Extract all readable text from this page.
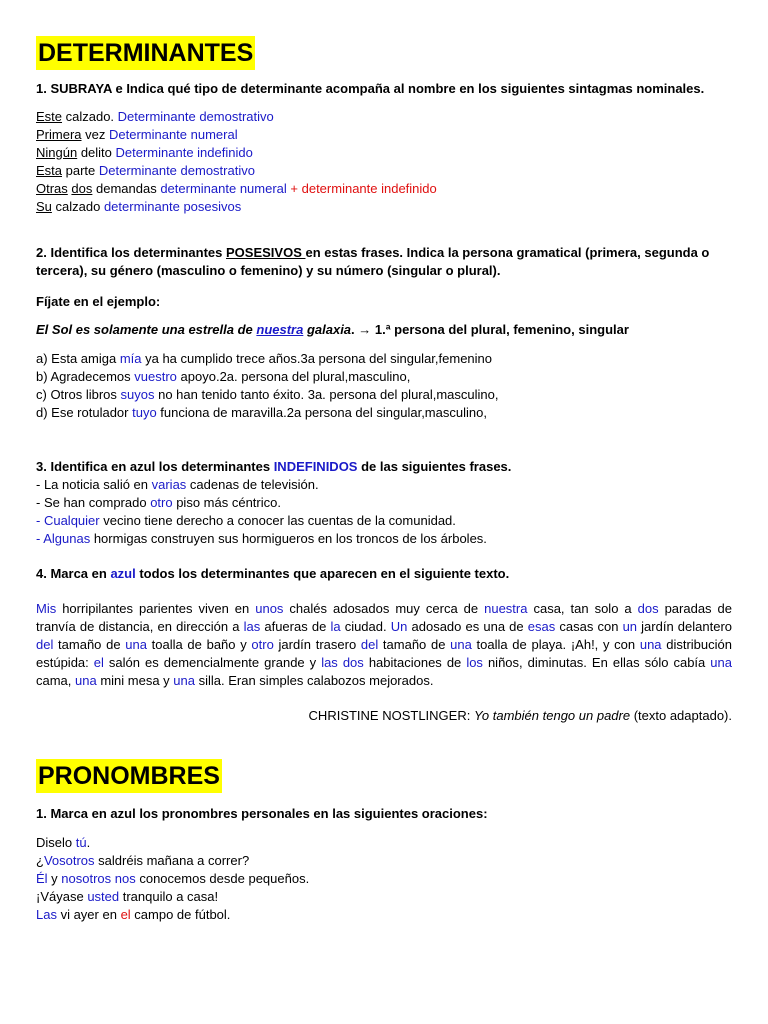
DETERMINANTES
1. SUBRAYA e Indica qué tipo de determinante acompaña al nombre en los siguientes sintagmas nominales.

Este calzado. Determinante demostrativo

Primera vez Determinante numeral

Ningún delito Determinante indefinido

Esta parte Determinante demostrativo

Otras dos demandas determinante numeral + determinante indefinido

Su calzado determinante posesivos

2. Identifica los determinantes POSESIVOS en estas frases. Indica la persona gramatical (primera, segunda o tercera), su género (masculino o femenino) y su número (singular o plural).
Fíjate en el ejemplo:
El Sol es solamente una estrella de nuestra galaxia. → 1.ª persona del plural, femenino, singular

a) Esta amiga mía ya ha cumplido trece años.3a persona del singular,femenino

b) Agradecemos vuestro apoyo.2a. persona del plural,masculino,

c) Otros libros suyos no han tenido tanto éxito. 3a. persona del plural,masculino,

d) Ese rotulador tuyo funciona de maravilla.2a persona del singular,masculino,

3. Identifica en azul los determinantes INDEFINIDOS de las siguientes frases.

- La noticia salió en varias cadenas de televisión.

- Se han comprado otro piso más céntrico.

- Cualquier vecino tiene derecho a conocer las cuentas de la comunidad.

- Algunas hormigas construyen sus hormigueros en los troncos de los árboles.

4. Marca en azul todos los determinantes que aparecen en el siguiente texto.
Mis horripilantes parientes viven en unos chalés adosados muy cerca de nuestra casa, tan solo a dos paradas de tranvía de distancia, en dirección a las afueras de la ciudad. Un adosado es una de esas casas con un jardín delantero del tamaño de una toalla de baño y otro jardín trasero del tamaño de una toalla de playa. ¡Ah!, y con una distribución estúpida: el salón es demencialmente grande y las dos habitaciones de los niños, diminutas. En ellas sólo cabía una cama, una mini mesa y una silla. Eran simples calabozos mejorados.
CHRISTINE NOSTLINGER: Yo también tengo un padre (texto adaptado).
PRONOMBRES
1. Marca en azul los pronombres personales en las siguientes oraciones:

Diselo tú.

¿Vosotros saldréis mañana a correr?

Él y nosotros nos conocemos desde pequeños.

¡Váyase usted tranquilo a casa!

Las vi ayer en el campo de fútbol.
